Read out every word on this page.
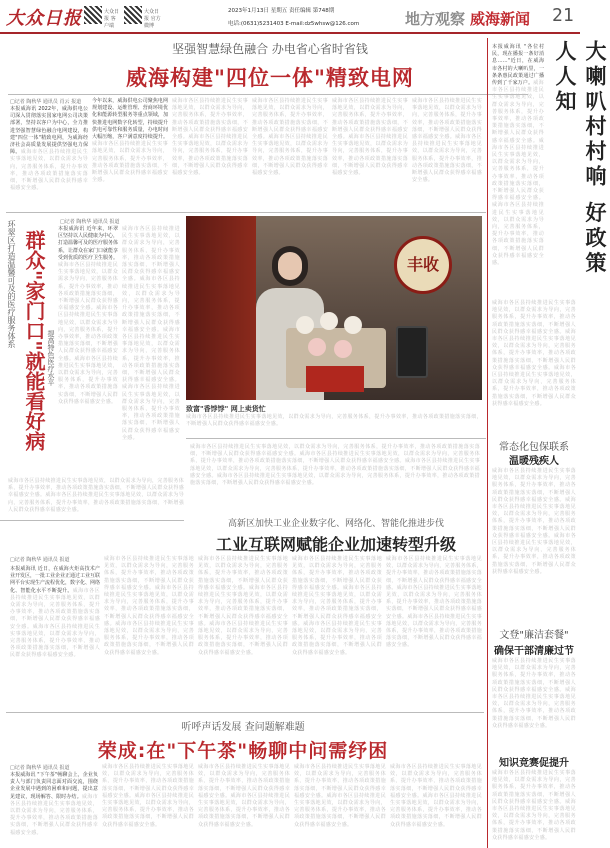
大众日报	大众日报 客户端
大众日报 官方微博
2023年1月13日 星期五 责任编辑 第748期
电话:(0631)5231403 E-mail:dz5whsw@126.com	地方观察 威海新闻 21
坚强智慧绿色融合 办电省心省时省钱
威海构建"四位一体"精致电网
□记者 陶秋华 通讯员 肖云 报道
本报威海讯 2022年，威海供电公司深入贯彻落实国家电网公司决策部署，坚持以客户为中心，全力推进坚强智慧绿色融合电网建设，构建"四位一体"精致电网，为威海经济社会高质量发展提供坚强电力保障。威海市各区县持续推进民生实事落地见效，以群众需求为导向，完善服务体系，提升办事效率，推动各项政策措施落实落细，不断增强人民群众获得感幸福感安全感。
今年以来，威海供电公司聚焦电网规划建设、运维管理、营商环境优化和能源转型服务等重点领域，加快推进电网数字化转型，持续提升供电可靠性和服务质量，办电时间大幅压缩，客户满意度持续提升。威海市各区县持续推进民生实事落地见效，以群众需求为导向，完善服务体系，提升办事效率，推动各项政策措施落实落细，不断增强人民群众获得感幸福感安全感。
威海市各区县持续推进民生实事落地见效，以群众需求为导向，完善服务体系，提升办事效率，推动各项政策措施落实落细，不断增强人民群众获得感幸福感安全感。威海市各区县持续推进民生实事落地见效，以群众需求为导向，完善服务体系，提升办事效率，推动各项政策措施落实落细，不断增强人民群众获得感幸福感安全感。
威海市各区县持续推进民生实事落地见效，以群众需求为导向，完善服务体系，提升办事效率，推动各项政策措施落实落细，不断增强人民群众获得感幸福感安全感。威海市各区县持续推进民生实事落地见效，以群众需求为导向，完善服务体系，提升办事效率，推动各项政策措施落实落细，不断增强人民群众获得感幸福感安全感。
威海市各区县持续推进民生实事落地见效，以群众需求为导向，完善服务体系，提升办事效率，推动各项政策措施落实落细，不断增强人民群众获得感幸福感安全感。威海市各区县持续推进民生实事落地见效，以群众需求为导向，完善服务体系，提升办事效率，推动各项政策措施落实落细，不断增强人民群众获得感幸福感安全感。
威海市各区县持续推进民生实事落地见效，以群众需求为导向，完善服务体系，提升办事效率，推动各项政策措施落实落细，不断增强人民群众获得感幸福感安全感。威海市各区县持续推进民生实事落地见效，以群众需求为导向，完善服务体系，提升办事效率，推动各项政策措施落实落细，不断增强人民群众获得感幸福感安全感。	大喇叭村村响 好政策人人知
本报威海讯 "各位村民，现在播报一条好消息……"近日，在威海市各村的大喇叭里，一条条惠民政策通过广播传到了千家万户。威海市各区县持续推进民生实事落地见效，以群众需求为导向，完善服务体系，提升办事效率，推动各项政策措施落实落细，不断增强人民群众获得感幸福感安全感。威海市各区县持续推进民生实事落地见效，以群众需求为导向，完善服务体系，提升办事效率，推动各项政策措施落实落细，不断增强人民群众获得感幸福感安全感。威海市各区县持续推进民生实事落地见效，以群众需求为导向，完善服务体系，提升办事效率，推动各项政策措施落实落细，不断增强人民群众获得感幸福感安全感。
威海市各区县持续推进民生实事落地见效，以群众需求为导向，完善服务体系，提升办事效率，推动各项政策措施落实落细，不断增强人民群众获得感幸福感安全感。威海市各区县持续推进民生实事落地见效，以群众需求为导向，完善服务体系，提升办事效率，推动各项政策措施落实落细，不断增强人民群众获得感幸福感安全感。威海市各区县持续推进民生实事落地见效，以群众需求为导向，完善服务体系，提升办事效率，推动各项政策措施落实落细，不断增强人民群众获得感幸福感安全感。
常态化包保联系
温暖残疾人
威海市各区县持续推进民生实事落地见效，以群众需求为导向，完善服务体系，提升办事效率，推动各项政策措施落实落细，不断增强人民群众获得感幸福感安全感。威海市各区县持续推进民生实事落地见效，以群众需求为导向，完善服务体系，提升办事效率，推动各项政策措施落实落细，不断增强人民群众获得感幸福感安全感。威海市各区县持续推进民生实事落地见效，以群众需求为导向，完善服务体系，提升办事效率，推动各项政策措施落实落细，不断增强人民群众获得感幸福感安全感。
文登"廉洁套餐"
确保干部清廉过节
威海市各区县持续推进民生实事落地见效，以群众需求为导向，完善服务体系，提升办事效率，推动各项政策措施落实落细，不断增强人民群众获得感幸福感安全感。威海市各区县持续推进民生实事落地见效，以群众需求为导向，完善服务体系，提升办事效率，推动各项政策措施落实落细，不断增强人民群众获得感幸福感安全感。
知识竞赛促提升
威海市各区县持续推进民生实事落地见效，以群众需求为导向，完善服务体系，提升办事效率，推动各项政策措施落实落细，不断增强人民群众获得感幸福感安全感。威海市各区县持续推进民生实事落地见效，以群众需求为导向，完善服务体系，提升办事效率，推动各项政策措施落实落细，不断增强人民群众获得感幸福感安全感。
环翠区打造温馨可及的医疗服务体系 群众"家门口"就能看好病 提高特色医疗水平
□记者 陶秋华 通讯员 报道
本报威海讯 近年来，环翠区坚持以人民健康为中心，打造温馨可及的医疗服务体系，让群众在家门口就能享受到优质的医疗卫生服务。威海市各区县持续推进民生实事落地见效，以群众需求为导向，完善服务体系，提升办事效率，推动各项政策措施落实落细，不断增强人民群众获得感幸福感安全感。威海市各区县持续推进民生实事落地见效，以群众需求为导向，完善服务体系，提升办事效率，推动各项政策措施落实落细，不断增强人民群众获得感幸福感安全感。威海市各区县持续推进民生实事落地见效，以群众需求为导向，完善服务体系，提升办事效率，推动各项政策措施落实落细，不断增强人民群众获得感幸福感安全感。
威海市各区县持续推进民生实事落地见效，以群众需求为导向，完善服务体系，提升办事效率，推动各项政策措施落实落细，不断增强人民群众获得感幸福感安全感。威海市各区县持续推进民生实事落地见效，以群众需求为导向，完善服务体系，提升办事效率，推动各项政策措施落实落细，不断增强人民群众获得感幸福感安全感。威海市各区县持续推进民生实事落地见效，以群众需求为导向，完善服务体系，提升办事效率，推动各项政策措施落实落细，不断增强人民群众获得感幸福感安全感。威海市各区县持续推进民生实事落地见效，以群众需求为导向，完善服务体系，提升办事效率，推动各项政策措施落实落细，不断增强人民群众获得感幸福感安全感。
威海市各区县持续推进民生实事落地见效，以群众需求为导向，完善服务体系，提升办事效率，推动各项政策措施落实落细，不断增强人民群众获得感幸福感安全感。威海市各区县持续推进民生实事落地见效，以群众需求为导向，完善服务体系，提升办事效率，推动各项政策措施落实落细，不断增强人民群众获得感幸福感安全感。
丰收
致富"香饽饽" 网上卖货忙
威海市各区县持续推进民生实事落地见效，以群众需求为导向，完善服务体系，提升办事效率，推动各项政策措施落实落细，不断增强人民群众获得感幸福感安全感。
高新区加快工业企业数字化、网络化、智能化推进步伐
威海市各区县持续推进民生实事落地见效，以群众需求为导向，完善服务体系，提升办事效率，推动各项政策措施落实落细，不断增强人民群众获得感幸福感安全感。威海市各区县持续推进民生实事落地见效，以群众需求为导向，完善服务体系，提升办事效率，推动各项政策措施落实落细，不断增强人民群众获得感幸福感安全感。威海市各区县持续推进民生实事落地见效，以群众需求为导向，完善服务体系，提升办事效率，推动各项政策措施落实落细，不断增强人民群众获得感幸福感安全感。威海市各区县持续推进民生实事落地见效，以群众需求为导向，完善服务体系，提升办事效率，推动各项政策措施落实落细，不断增强人民群众获得感幸福感安全感。
工业互联网赋能企业加速转型升级
□记者 陶秋华 通讯员 报道
本报威海讯 近日，在威海火炬高技术产业开发区，一批工业企业正通过工业互联网平台实现生产流程优化，数字化、网络化、智能化水平不断提升。威海市各区县持续推进民生实事落地见效，以群众需求为导向，完善服务体系，提升办事效率，推动各项政策措施落实落细，不断增强人民群众获得感幸福感安全感。威海市各区县持续推进民生实事落地见效，以群众需求为导向，完善服务体系，提升办事效率，推动各项政策措施落实落细，不断增强人民群众获得感幸福感安全感。
威海市各区县持续推进民生实事落地见效，以群众需求为导向，完善服务体系，提升办事效率，推动各项政策措施落实落细，不断增强人民群众获得感幸福感安全感。威海市各区县持续推进民生实事落地见效，以群众需求为导向，完善服务体系，提升办事效率，推动各项政策措施落实落细，不断增强人民群众获得感幸福感安全感。威海市各区县持续推进民生实事落地见效，以群众需求为导向，完善服务体系，提升办事效率，推动各项政策措施落实落细，不断增强人民群众获得感幸福感安全感。
威海市各区县持续推进民生实事落地见效，以群众需求为导向，完善服务体系，提升办事效率，推动各项政策措施落实落细，不断增强人民群众获得感幸福感安全感。威海市各区县持续推进民生实事落地见效，以群众需求为导向，完善服务体系，提升办事效率，推动各项政策措施落实落细，不断增强人民群众获得感幸福感安全感。威海市各区县持续推进民生实事落地见效，以群众需求为导向，完善服务体系，提升办事效率，推动各项政策措施落实落细，不断增强人民群众获得感幸福感安全感。
威海市各区县持续推进民生实事落地见效，以群众需求为导向，完善服务体系，提升办事效率，推动各项政策措施落实落细，不断增强人民群众获得感幸福感安全感。威海市各区县持续推进民生实事落地见效，以群众需求为导向，完善服务体系，提升办事效率，推动各项政策措施落实落细，不断增强人民群众获得感幸福感安全感。威海市各区县持续推进民生实事落地见效，以群众需求为导向，完善服务体系，提升办事效率，推动各项政策措施落实落细，不断增强人民群众获得感幸福感安全感。
威海市各区县持续推进民生实事落地见效，以群众需求为导向，完善服务体系，提升办事效率，推动各项政策措施落实落细，不断增强人民群众获得感幸福感安全感。威海市各区县持续推进民生实事落地见效，以群众需求为导向，完善服务体系，提升办事效率，推动各项政策措施落实落细，不断增强人民群众获得感幸福感安全感。威海市各区县持续推进民生实事落地见效，以群众需求为导向，完善服务体系，提升办事效率，推动各项政策措施落实落细，不断增强人民群众获得感幸福感安全感。
听呼声话发展 查问题解难题
荣成:在"下午茶"畅聊中问需纾困
□记者 陶秋华 通讯员 报道
本报威海讯 "下午茶"畅聊会上，企业负责人与部门负责同志面对面交流，围绕企业发展中遇到的困难和问题，提出意见建议，现场解答、限时办结。威海市各区县持续推进民生实事落地见效，以群众需求为导向，完善服务体系，提升办事效率，推动各项政策措施落实落细，不断增强人民群众获得感幸福感安全感。
威海市各区县持续推进民生实事落地见效，以群众需求为导向，完善服务体系，提升办事效率，推动各项政策措施落实落细，不断增强人民群众获得感幸福感安全感。威海市各区县持续推进民生实事落地见效，以群众需求为导向，完善服务体系，提升办事效率，推动各项政策措施落实落细，不断增强人民群众获得感幸福感安全感。
威海市各区县持续推进民生实事落地见效，以群众需求为导向，完善服务体系，提升办事效率，推动各项政策措施落实落细，不断增强人民群众获得感幸福感安全感。威海市各区县持续推进民生实事落地见效，以群众需求为导向，完善服务体系，提升办事效率，推动各项政策措施落实落细，不断增强人民群众获得感幸福感安全感。
威海市各区县持续推进民生实事落地见效，以群众需求为导向，完善服务体系，提升办事效率，推动各项政策措施落实落细，不断增强人民群众获得感幸福感安全感。威海市各区县持续推进民生实事落地见效，以群众需求为导向，完善服务体系，提升办事效率，推动各项政策措施落实落细，不断增强人民群众获得感幸福感安全感。
威海市各区县持续推进民生实事落地见效，以群众需求为导向，完善服务体系，提升办事效率，推动各项政策措施落实落细，不断增强人民群众获得感幸福感安全感。威海市各区县持续推进民生实事落地见效，以群众需求为导向，完善服务体系，提升办事效率，推动各项政策措施落实落细，不断增强人民群众获得感幸福感安全感。
